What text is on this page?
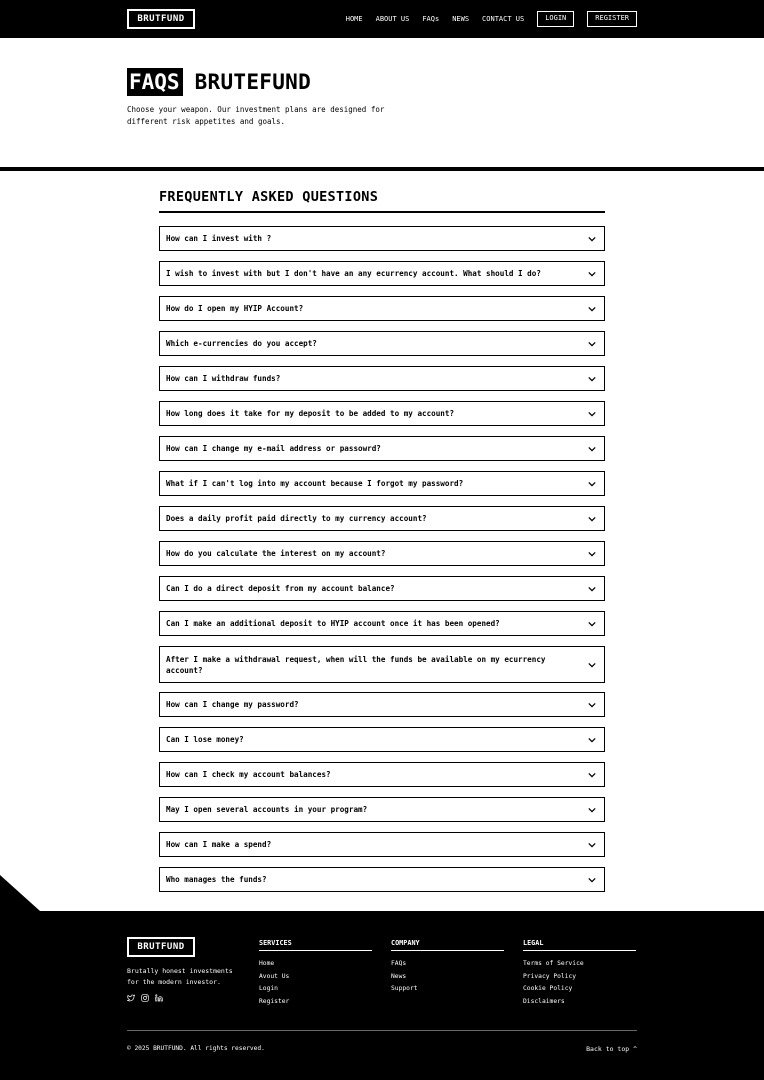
BRUTFUND	HOME ABOUT US FAQs NEWS CONTACT US	LOGIN	REGISTER
FAQS BRUTEFUND

Choose your weapon. Our investment plans are designed for different risk appetites and goals.

FREQUENTLY ASKED QUESTIONS
How can I invest with ?
I wish to invest with but I don't have an any ecurrency account. What should I do?
How do I open my HYIP Account?
Which e-currencies do you accept?
How can I withdraw funds?
How long does it take for my deposit to be added to my account?
How can I change my e-mail address or passowrd?
What if I can't log into my account because I forgot my password?
Does a daily profit paid directly to my currency account?
How do you calculate the interest on my account?
Can I do a direct deposit from my account balance?
Can I make an additional deposit to HYIP account once it has been opened?
After I make a withdrawal request, when will the funds be available on my ecurrency account?
How can I change my password?
Can I lose money?
How can I check my account balances?
May I open several accounts in your program?
How can I make a spend?
Who manages the funds?
BRUTFUND

Brutally honest investments for the modern investor.

SERVICES
Home
Avout Us
Login
Register
COMPANY
FAQs
News
Support
LEGAL
Terms of Service
Privacy Policy
Cookie Policy
Disclaimers
© 2025 BRUTFUND. All rights reserved.	Back to top ^
